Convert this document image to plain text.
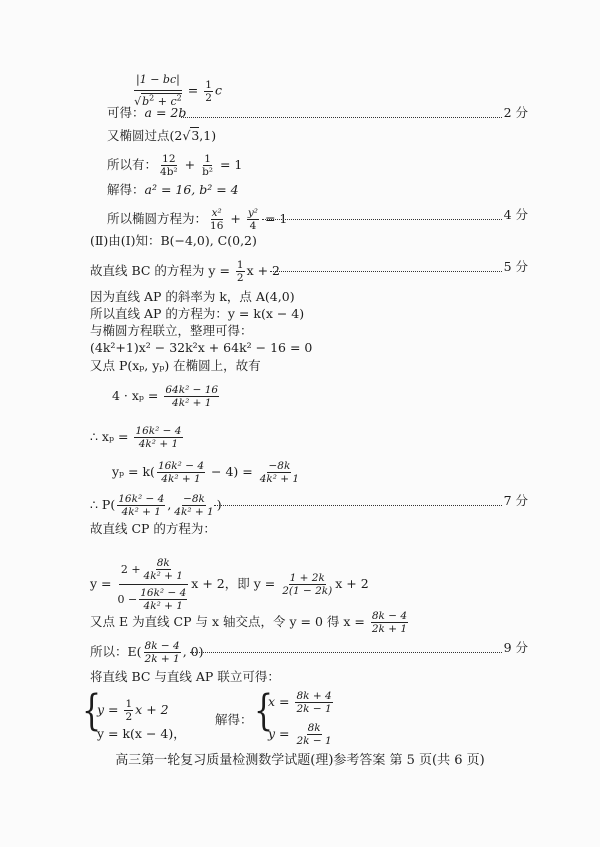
$\frac{|1 - bc|}{√ b^2 + c^2} = \frac{1}{2}$ c
可得：a = 2b	2 分
又椭圆过点(2√3,1)
所以有： $\frac{12}{\text{4b²}} + \frac{1}{\text{b²}} = 1$
解得：a² = 16, b² = 4
所以椭圆方程为： $\frac{\text{x²}}{16} + \frac{\text{y²}}{4} = 1$	4 分
(Ⅱ)由(Ⅰ)知：B(−4,0), C(0,2)
故直线 BC 的方程为 $y = \frac{1}{2}$ x + 2	5 分
因为直线 AP 的斜率为 k，点 A(4,0)
所以直线 AP 的方程为：y = k(x − 4)
与椭圆方程联立，整理可得：
(4k²+1)x² − 32k²x + 64k² − 16 = 0
又点 P(xₚ, yₚ) 在椭圆上，故有
$4 \cdot x_p = \frac{\text{64k² − 16}}{\text{4k² + 1}}$
∴ $x_p = \frac{\text{16k² − 4}}{\text{4k² + 1}}$
$y_p = k( \frac{\text{16k² − 4}}{\text{4k² + 1}} - 4) = \frac{-8k}{\text{4k² + 1}}$
∴ $P( \frac{\text{16k² − 4}}{\text{4k² + 1}}$ , $\frac{-8k}{\text{4k² + 1}}$ )	7 分
故直线 CP 的方程为：
$y = \frac{2 + \frac{8k}{\text{4k² + 1}}}{0 - \frac{\text{16k² − 4}}{\text{4k² + 1}}}$ x + 2，即 $y = \frac{1 + 2k}{2(1 - 2k)}$ x + 2
又点 E 为直线 CP 与 x 轴交点，令 y = 0 得 $x = \frac{8k - 4}{2k + 1}$
所以：$E( \frac{8k - 4}{2k + 1}$ , 0)	9 分
将直线 BC 与直线 AP 联立可得：
{
$y = \frac{1}{2}$ x + 2
y = k(x − 4)，
解得： {
$x = \frac{8k + 4}{2k - 1}$
$y = \frac{8k}{2k - 1}$
高三第一轮复习质量检测数学试题(理)参考答案 第 5 页(共 6 页)
